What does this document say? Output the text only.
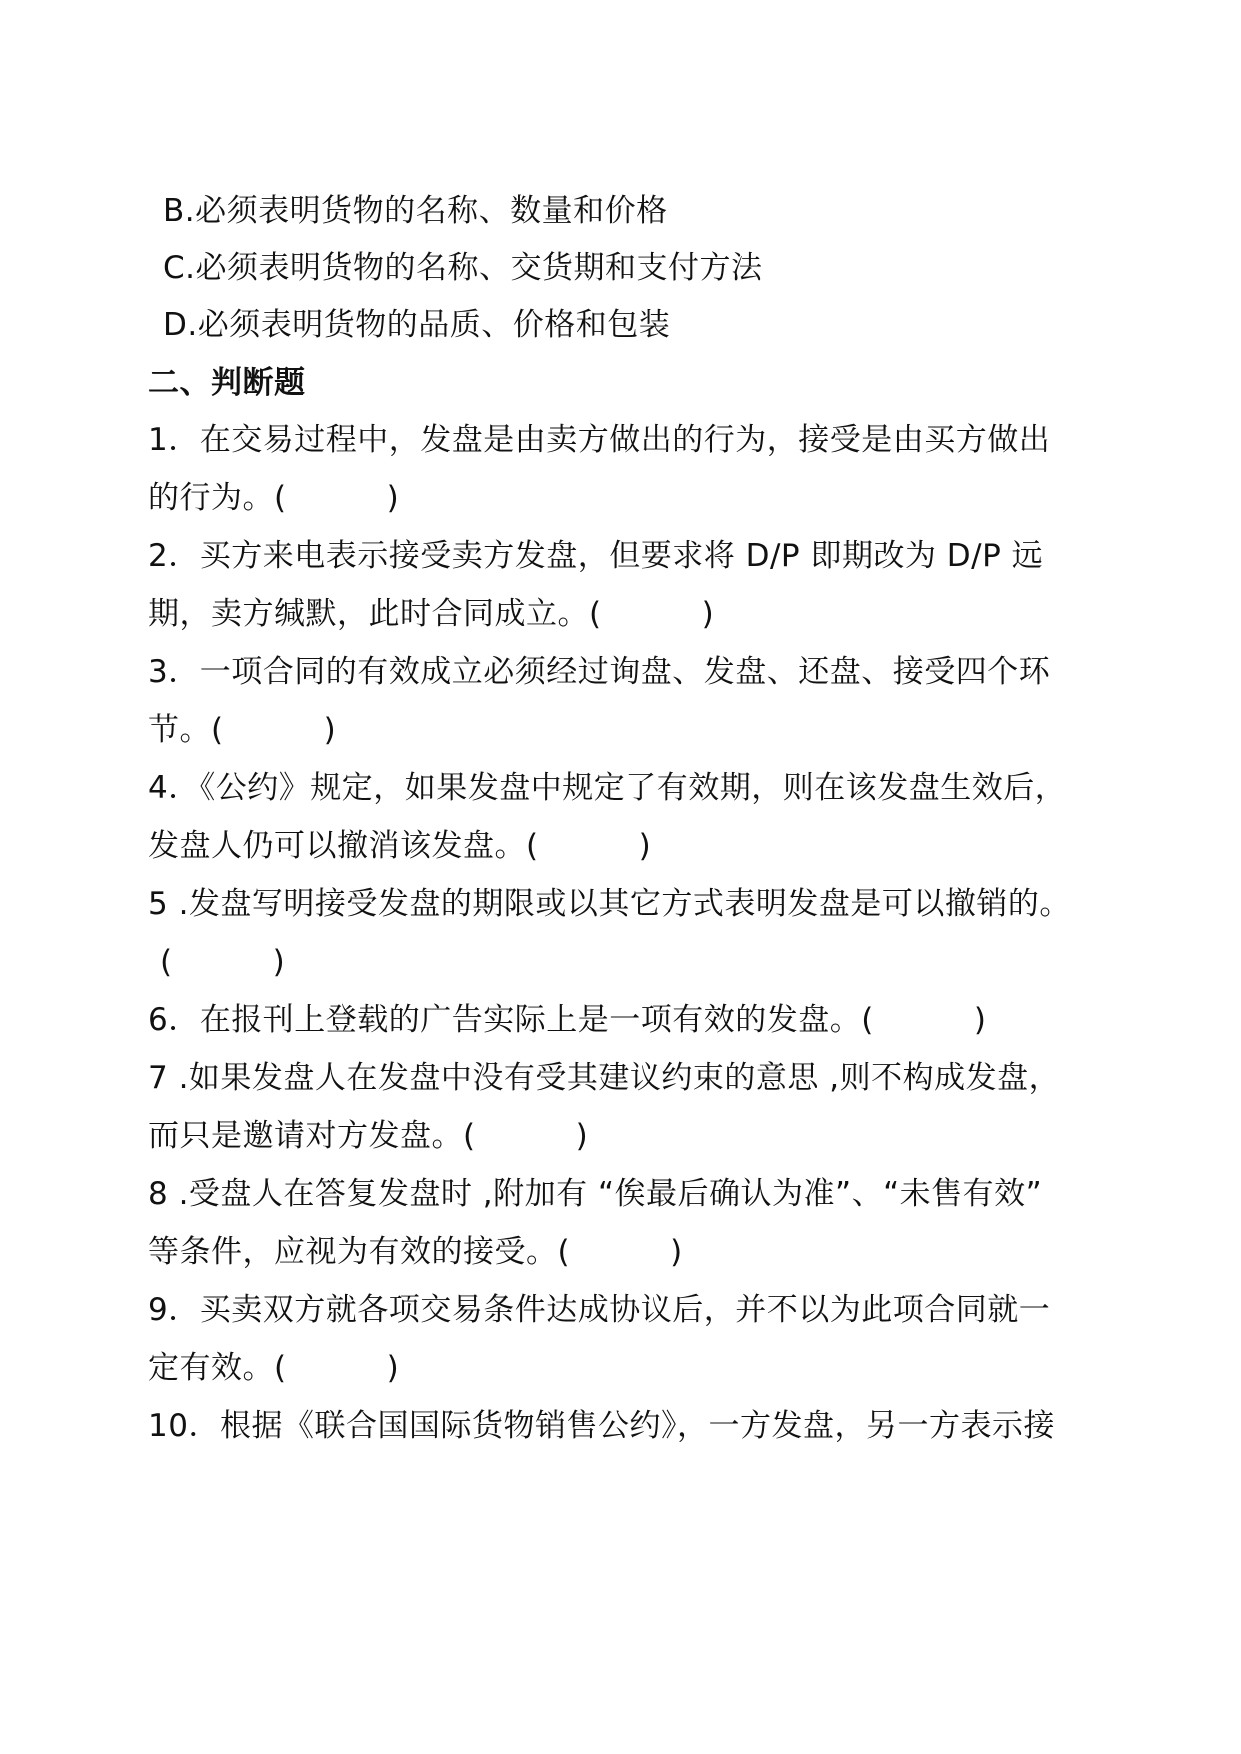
B.必须表明货物的名称、数量和价格
C.必须表明货物的名称、交货期和支付方法
D.必须表明货物的品质、价格和包装
二、判断题
1．在交易过程中，发盘是由卖方做出的行为，接受是由买方做出
的行为。(	)
2．买方来电表示接受卖方发盘，但要求将 D/P 即期改为 D/P 远
期，卖方缄默，此时合同成立。(	)
3．一项合同的有效成立必须经过询盘、发盘、还盘、接受四个环
节。(	)
4．《公约》规定，如果发盘中规定了有效期，则在该发盘生效后，
发盘人仍可以撤消该发盘。(	)
5 .发盘写明接受发盘的期限或以其它方式表明发盘是可以撤销的。
(	)
6．在报刊上登载的广告实际上是一项有效的发盘。(	)
7 .如果发盘人在发盘中没有受其建议约束的意思 ,则不构成发盘，
而只是邀请对方发盘。(	)
8 .受盘人在答复发盘时 ,附加有 “俟最后确认为准”、“未售有效”
等条件，应视为有效的接受。(	)
9．买卖双方就各项交易条件达成协议后，并不以为此项合同就一
定有效。(	)
10．根据《联合国国际货物销售公约》，一方发盘，另一方表示接
